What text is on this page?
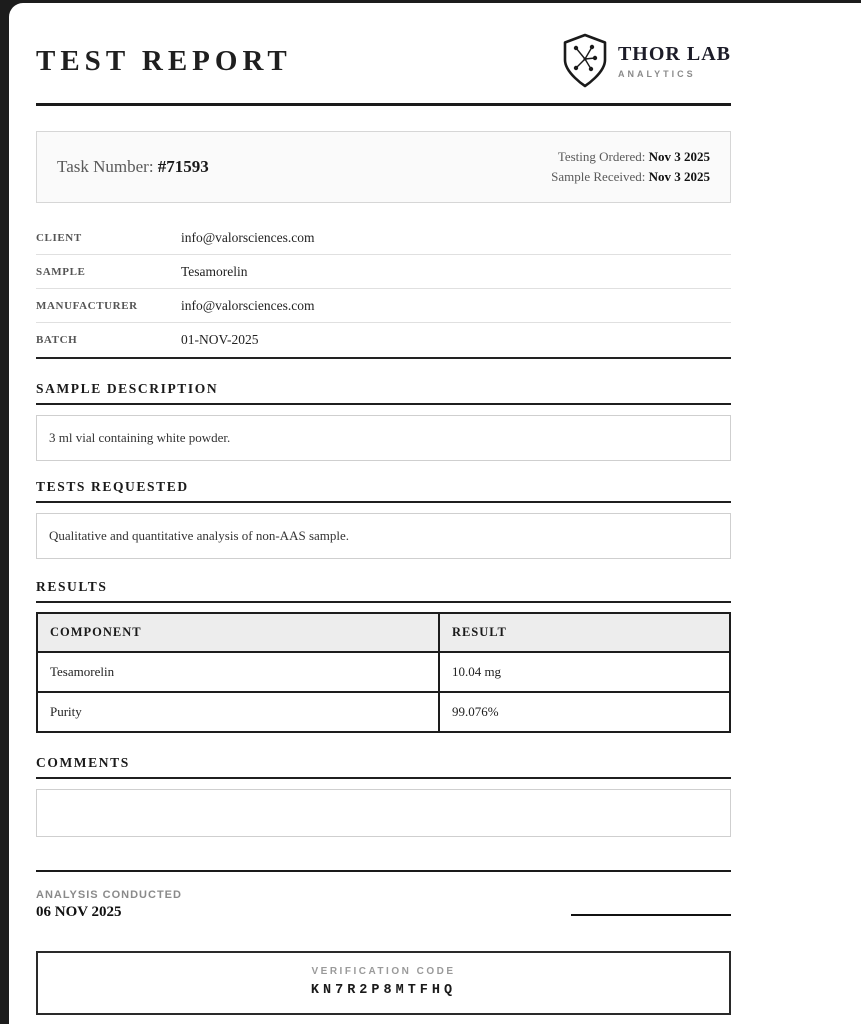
TEST REPORT	THOR LAB
ANALYTICS
Task Number: #71593
Testing Ordered: Nov 3 2025
Sample Received: Nov 3 2025
CLIENT	info@valorsciences.com
SAMPLE	Tesamorelin
MANUFACTURER	info@valorsciences.com
BATCH	01-NOV-2025
SAMPLE DESCRIPTION
3 ml vial containing white powder.
TESTS REQUESTED
Qualitative and quantitative analysis of non-AAS sample.
RESULTS
COMPONENT	RESULT
Tesamorelin	10.04 mg
Purity	99.076%
COMMENTS
ANALYSIS CONDUCTED
06 NOV 2025
VERIFICATION CODE
KN7R2P8MTFHQ
